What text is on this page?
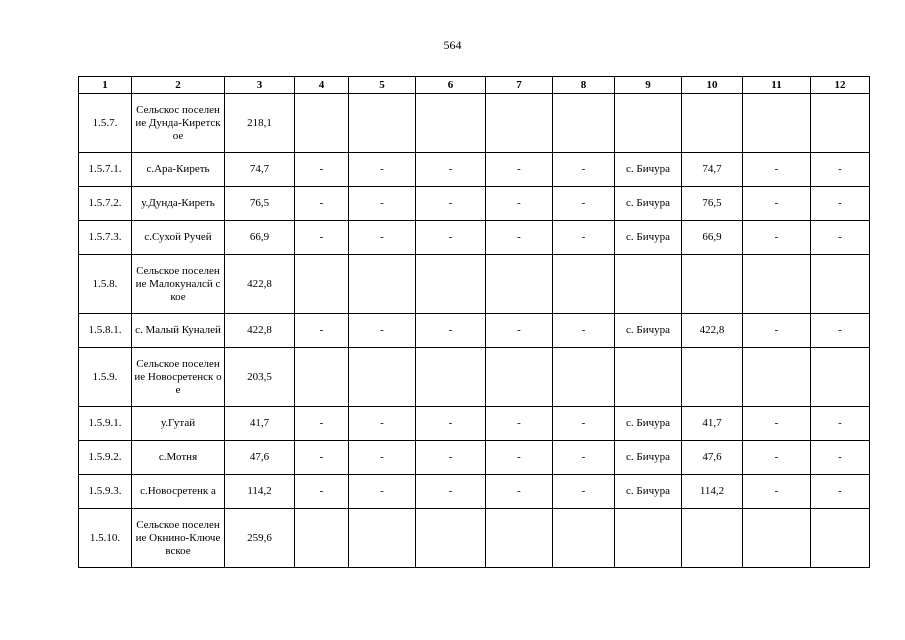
564
1	2	3	4	5	6	7	8	9	10	11	12
1.5.7.	Сельскос поселение Дунда-Киретское	218,1									
1.5.7.1.	с.Ара-Киреть	74,7	-	-	-	-	-	с. Бичура	74,7	-	-
1.5.7.2.	у.Дунда-Киреть	76,5	-	-	-	-	-	с. Бичура	76,5	-	-
1.5.7.3.	с.Сухой Ручей	66,9	-	-	-	-	-	с. Бичура	66,9	-	-
1.5.8.	Сельское поселение Малокуналсй ское	422,8									
1.5.8.1.	с. Малый Куналей	422,8	-	-	-	-	-	с. Бичура	422,8	-	-
1.5.9.	Сельское поселение Новосретенск ое	203,5									
1.5.9.1.	у.Гутай	41,7	-	-	-	-	-	с. Бичура	41,7	-	-
1.5.9.2.	с.Мотня	47,6	-	-	-	-	-	с. Бичура	47,6	-	-
1.5.9.3.	с.Новосретенк а	114,2	-	-	-	-	-	с. Бичура	114,2	-	-
1.5.10.	Сельское поселение Окнино-Ключевское	259,6									
